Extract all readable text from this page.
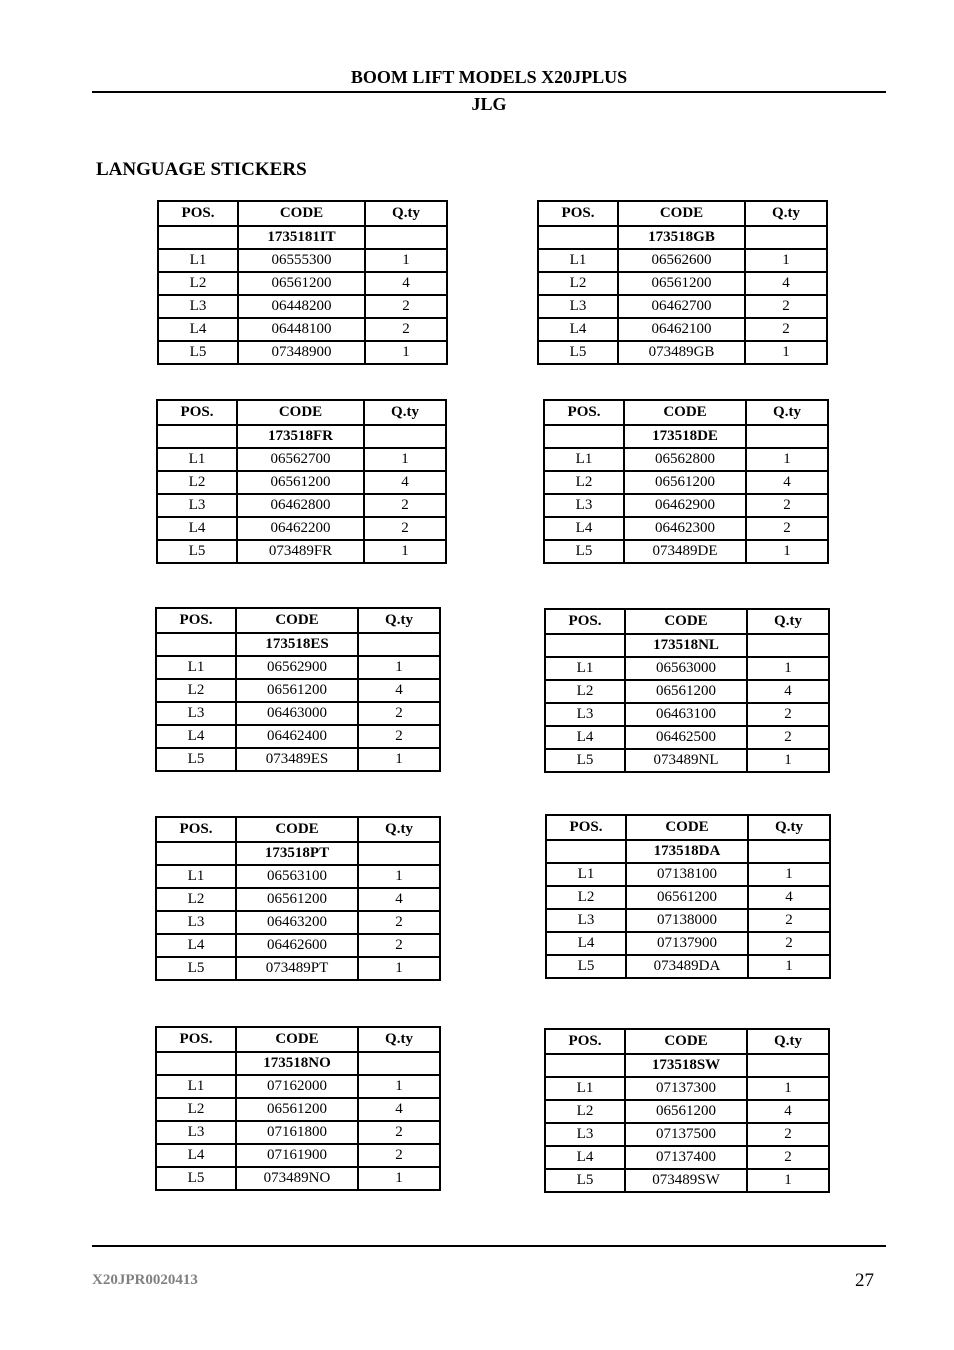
BOOM LIFT MODELS X20JPLUS
JLG
LANGUAGE STICKERS
POS.	CODE	Q.ty
	1735181IT	
L1	06555300	1
L2	06561200	4
L3	06448200	2
L4	06448100	2
L5	07348900	1
POS.	CODE	Q.ty
	173518GB	
L1	06562600	1
L2	06561200	4
L3	06462700	2
L4	06462100	2
L5	073489GB	1
POS.	CODE	Q.ty
	173518FR	
L1	06562700	1
L2	06561200	4
L3	06462800	2
L4	06462200	2
L5	073489FR	1
POS.	CODE	Q.ty
	173518DE	
L1	06562800	1
L2	06561200	4
L3	06462900	2
L4	06462300	2
L5	073489DE	1
POS.	CODE	Q.ty
	173518ES	
L1	06562900	1
L2	06561200	4
L3	06463000	2
L4	06462400	2
L5	073489ES	1
POS.	CODE	Q.ty
	173518NL	
L1	06563000	1
L2	06561200	4
L3	06463100	2
L4	06462500	2
L5	073489NL	1
POS.	CODE	Q.ty
	173518PT	
L1	06563100	1
L2	06561200	4
L3	06463200	2
L4	06462600	2
L5	073489PT	1
POS.	CODE	Q.ty
	173518DA	
L1	07138100	1
L2	06561200	4
L3	07138000	2
L4	07137900	2
L5	073489DA	1
POS.	CODE	Q.ty
	173518NO	
L1	07162000	1
L2	06561200	4
L3	07161800	2
L4	07161900	2
L5	073489NO	1
POS.	CODE	Q.ty
	173518SW	
L1	07137300	1
L2	06561200	4
L3	07137500	2
L4	07137400	2
L5	073489SW	1
X20JPR0020413	27
